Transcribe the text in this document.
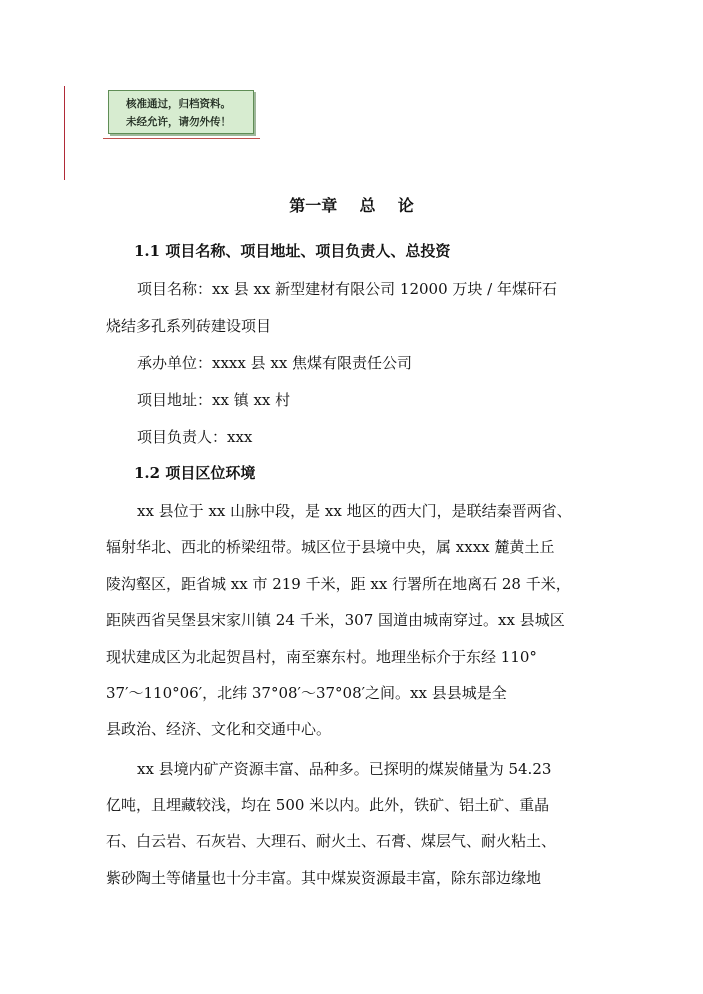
核准通过，归档资料。
未经允许，请勿外传！
第一章    总    论
1.1 项目名称、项目地址、项目负责人、总投资
项目名称：xx 县 xx 新型建材有限公司 12000 万块 / 年煤矸石
烧结多孔系列砖建设项目
承办单位：xxxx 县 xx 焦煤有限责任公司
项目地址：xx 镇 xx 村
项目负责人：xxx
1.2 项目区位环境
xx 县位于 xx 山脉中段，是 xx 地区的西大门，是联结秦晋两省、
辐射华北、西北的桥梁纽带。城区位于县境中央，属 xxxx 麓黄土丘
陵沟壑区，距省城 xx 市 219 千米，距 xx 行署所在地离石 28 千米，
距陕西省吴堡县宋家川镇 24 千米，307 国道由城南穿过。xx 县城区
现状建成区为北起贺昌村，南至寨东村。地理坐标介于东经 110°
37′～110°06′，北纬 37°08′～37°08′之间。xx 县县城是全
县政治、经济、文化和交通中心。
xx 县境内矿产资源丰富、品种多。已探明的煤炭储量为 54.23
亿吨，且埋藏较浅，均在 500 米以内。此外，铁矿、铝土矿、重晶
石、白云岩、石灰岩、大理石、耐火土、石膏、煤层气、耐火粘土、
紫砂陶土等储量也十分丰富。其中煤炭资源最丰富，除东部边缘地
